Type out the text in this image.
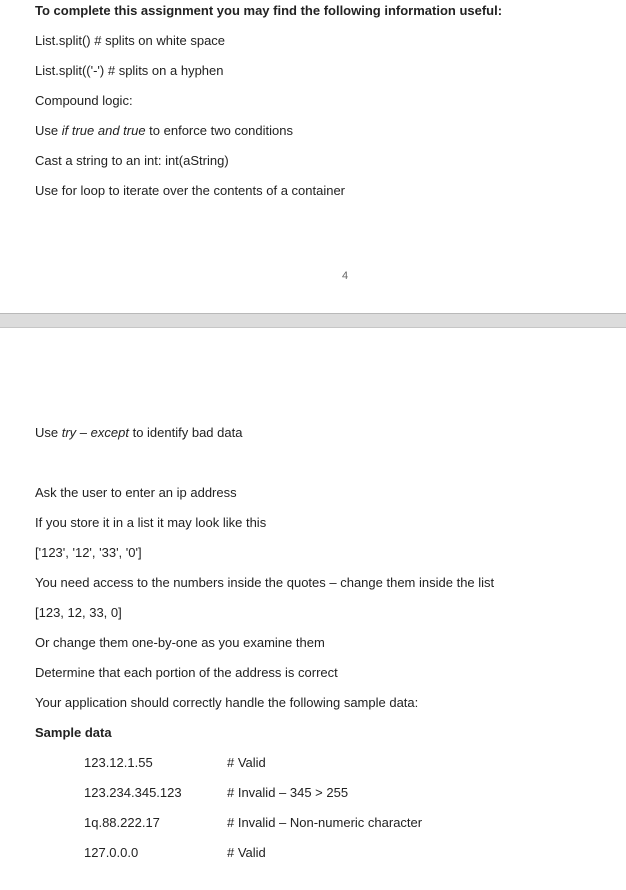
To complete this assignment you may find the following information useful:
List.split() # splits on white space
List.split(('-') # splits on a hyphen
Compound logic:
Use if true and true to enforce two conditions
Cast a string to an int: int(aString)
Use for loop to iterate over the contents of a container
4
Use try – except to identify bad data
Ask the user to enter an ip address
If you store it in a list it may look like this
['123', '12', '33', '0']
You need access to the numbers inside the quotes – change them inside the list
[123, 12, 33, 0]
Or change them one-by-one as you examine them
Determine that each portion of the address is correct
Your application should correctly handle the following sample data:
Sample data
123.12.1.55	# Valid
123.234.345.123	# Invalid – 345 > 255
1q.88.222.17	# Invalid – Non-numeric character
127.0.0.0	# Valid
